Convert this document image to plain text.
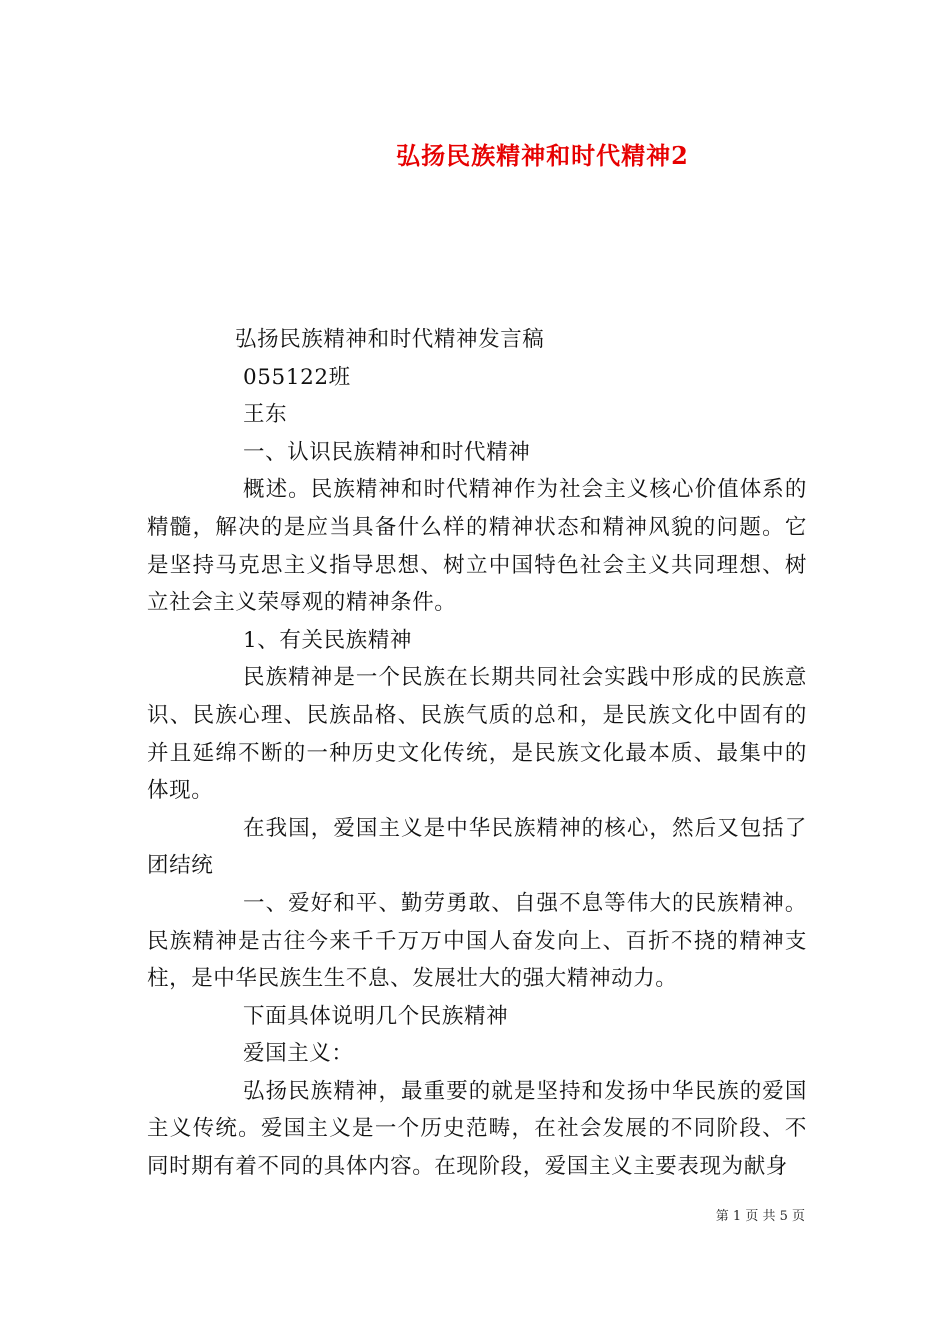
弘扬民族精神和时代精神2

弘扬民族精神和时代精神发言稿

055122班

王东

一、认识民族精神和时代精神

概述。民族精神和时代精神作为社会主义核心价值体系的精髓，解决的是应当具备什么样的精神状态和精神风貌的问题。它是坚持马克思主义指导思想、树立中国特色社会主义共同理想、树立社会主义荣辱观的精神条件。

1、有关民族精神

民族精神是一个民族在长期共同社会实践中形成的民族意识、民族心理、民族品格、民族气质的总和，是民族文化中固有的并且延绵不断的一种历史文化传统，是民族文化最本质、最集中的体现。

在我国，爱国主义是中华民族精神的核心，然后又包括了团结统

一、爱好和平、勤劳勇敢、自强不息等伟大的民族精神。民族精神是古往今来千千万万中国人奋发向上、百折不挠的精神支柱，是中华民族生生不息、发展壮大的强大精神动力。

下面具体说明几个民族精神

爱国主义：

弘扬民族精神，最重要的就是坚持和发扬中华民族的爱国主义传统。爱国主义是一个历史范畴，在社会发展的不同阶段、不同时期有着不同的具体内容。在现阶段，爱国主义主要表现为献身

第 1 页 共 5 页
